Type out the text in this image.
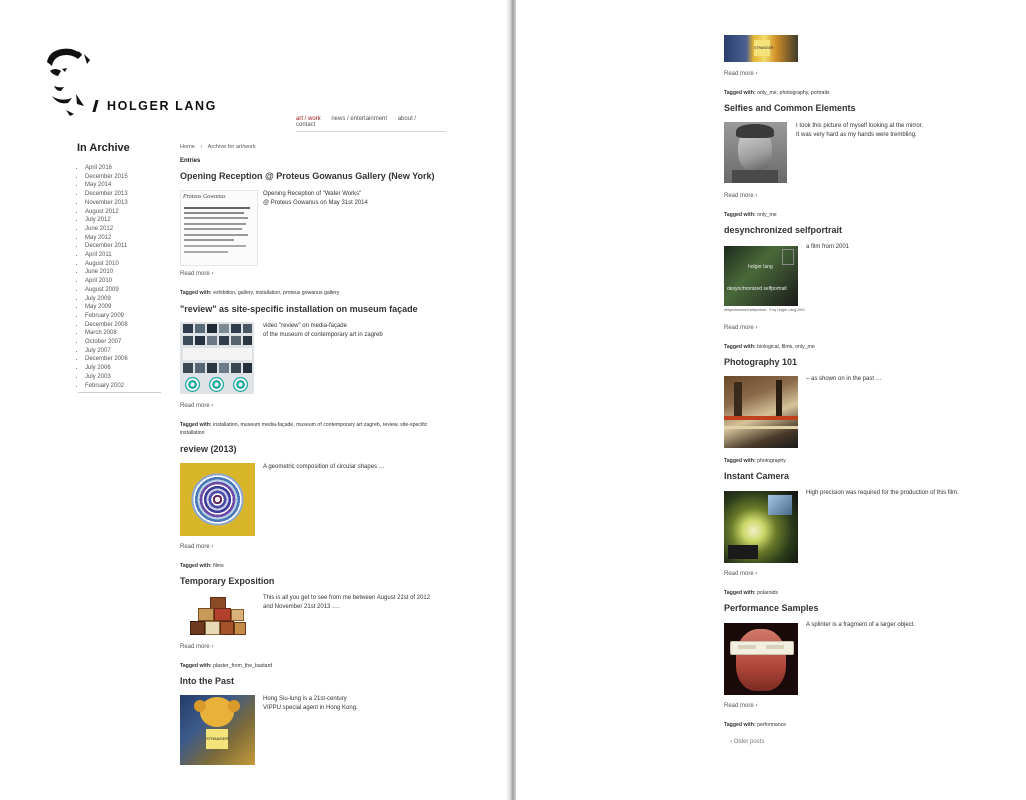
HOLGER LANG
art / work news / entertainment about / contact
In Archive
• April 2016
• December 2015
• May 2014
• December 2013
• November 2013
• August 2012
• July 2012
• June 2012
• May 2012
• December 2011
• April 2011
• August 2010
• June 2010
• April 2010
• August 2009
• July 2009
• May 2009
• February 2009
• December 2008
• March 2008
• October 2007
• July 2007
• December 2006
• July 2006
• July 2003
• February 2002
Home › Archive for art/work
Entries
Opening Reception @ Proteus Gowanus Gallery (New York)
Proteus Gowanus	Opening Reception of "Water Works"
@ Proteus Gowanus on May 31st 2014
Read more ›
Tagged with: exhibition, gallery, installation, proteus gowanus gallery
"review" as site-specific installation on museum façade
video "review" on media-façade
of the museum of contemporary art in zagreb
Read more ›
Tagged with: installation, museum media-façade, museum of contemporary art zagreb, review, site-specific installation
review (2013)
A geometric composition of circular shapes …
Read more ›
Tagged with: films
Temporary Exposition
This is all you get to see from me between August 21st of 2012
and November 21st 2013 ….
Read more ›
Tagged with: plaster_from_the_bastard
Into the Past
STRANGER
Hong Siu-lung is a 21st-century
VIPPU special agent in Hong Kong.
STRANGER
Read more ›
Tagged with: only_me, photography, portraits
Selfies and Common Elements
I took this picture of myself looking at the mirror.
It was very hard as my hands were trembling.
Read more ›
Tagged with: only_me
desynchronized selfportrait
holger lang
desynchronized selfportrait
desynchronized selfportrait - © by Holger Lang 2001
a film from 2001
Read more ›
Tagged with: biological, films, only_me
Photography 101
– as shown on in the past …
Tagged with: photography
Instant Camera
High precision was required for the production of this film.
Read more ›
Tagged with: polaroids
Performance Samples
A splinter is a fragment of a larger object.
Read more ›
Tagged with: performance
‹ Older posts
